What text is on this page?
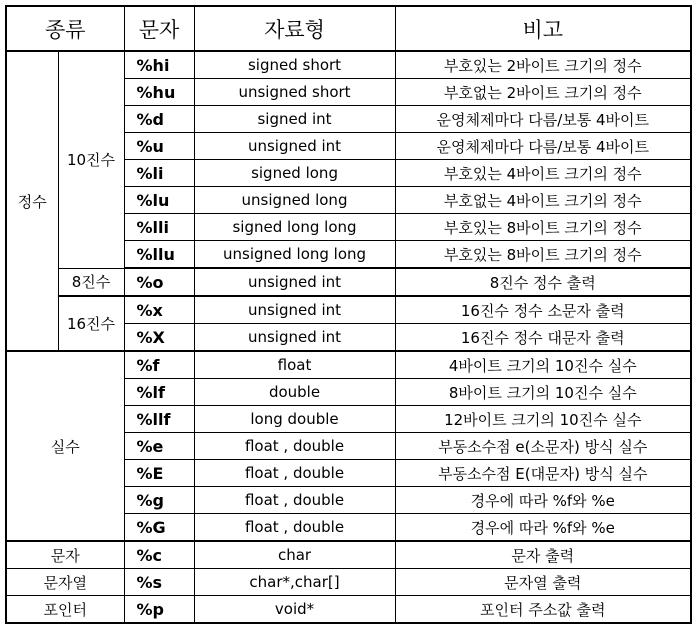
종류		문자	자료형	비고
정수	10진수	%hi	signed short	부호있는 2바이트 크기의 정수
		%hu	unsigned short	부호없는 2바이트 크기의 정수
		%d	signed int	운영체제마다 다름/보통 4바이트
		%u	unsigned int	운영체제마다 다름/보통 4바이트
		%li	signed long	부호있는 4바이트 크기의 정수
		%lu	unsigned long	부호없는 4바이트 크기의 정수
		%lli	signed long long	부호있는 8바이트 크기의 정수
		%llu	unsigned long long	부호있는 8바이트 크기의 정수
	8진수	%o	unsigned int	8진수 정수 출력
	16진수	%x	unsigned int	16진수 정수 소문자 출력
		%X	unsigned int	16진수 정수 대문자 출력
실수		%f	float	4바이트 크기의 10진수 실수
		%lf	double	8바이트 크기의 10진수 실수
		%llf	long double	12바이트 크기의 10진수 실수
		%e	float , double	부동소수점 e(소문자) 방식 실수
		%E	float , double	부동소수점 E(대문자) 방식 실수
		%g	float , double	경우에 따라 %f와 %e
		%G	float , double	경우에 따라 %f와 %e
문자		%c	char	문자 출력
문자열		%s	char*,char[]	문자열 출력
포인터		%p	void*	포인터 주소값 출력
